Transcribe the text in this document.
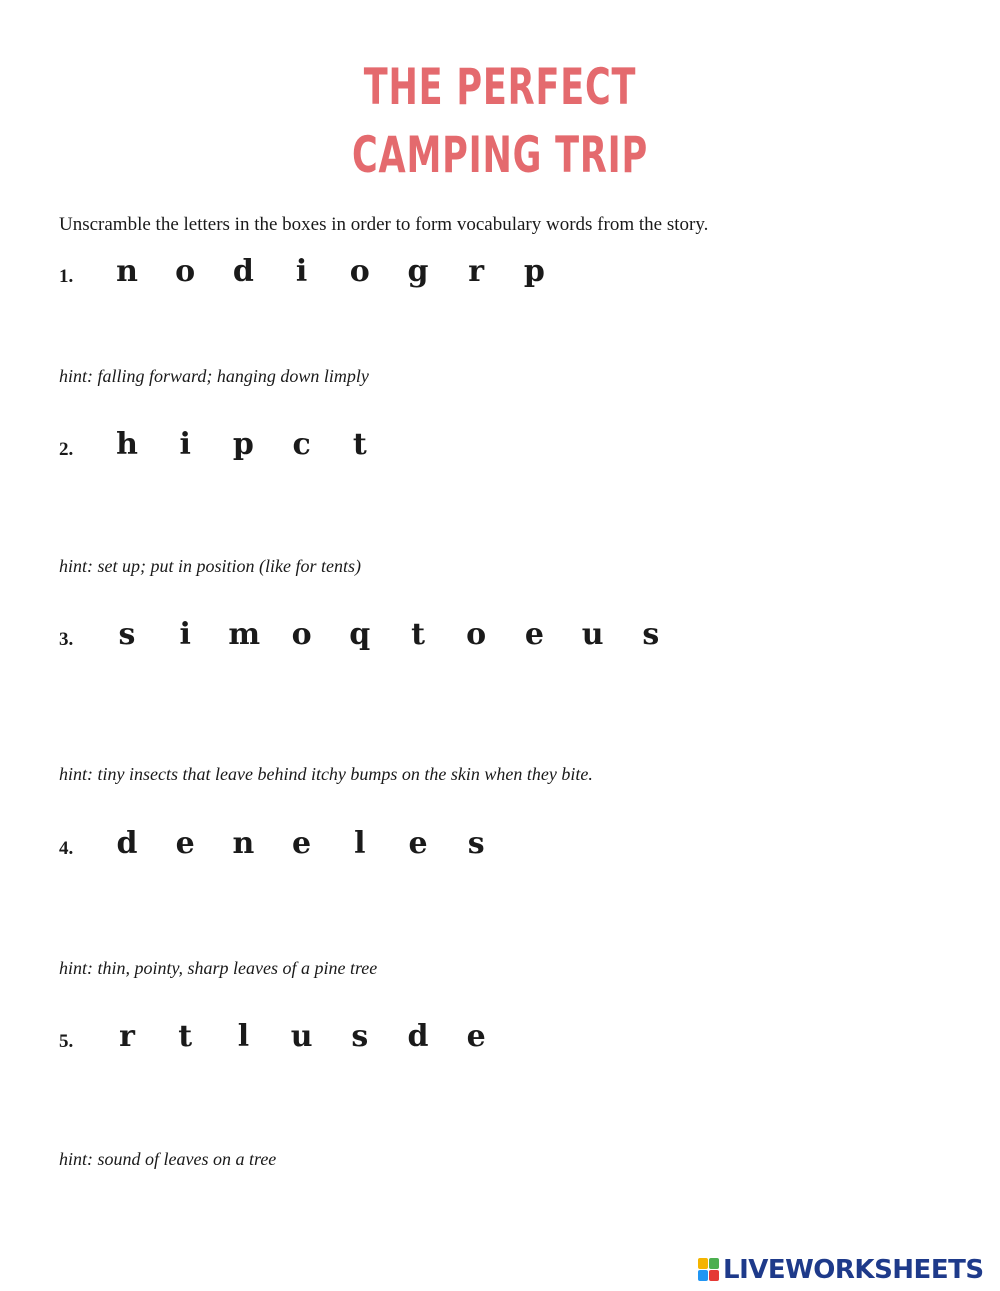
THE PERFECT
CAMPING TRIP
Unscramble the letters in the boxes in order to form vocabulary words from the story.
1. n o d	i	o g r p
hint: falling forward; hanging down limply
2. h	i	p c t
hint: set up; put in position (like for tents)
3. s	i	m o q t o e u s
hint: tiny insects that leave behind itchy bumps on the skin when they bite.
4. d e n e	l	e s
hint: thin, pointy, sharp leaves of a pine tree
5. r t	l	u s d e
hint: sound of leaves on a tree
LIVEWORKSHEETS
